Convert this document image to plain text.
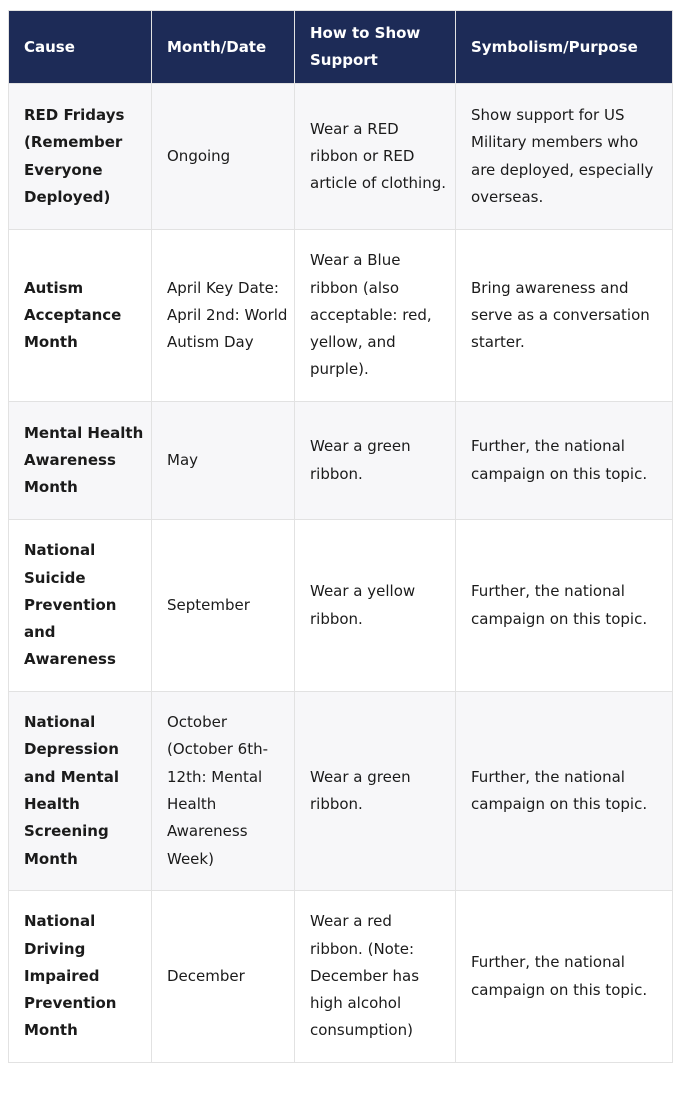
Cause	Month/Date	How to Show Support	Symbolism/Purpose
RED Fridays (Remember Everyone Deployed)	Ongoing	Wear a RED ribbon or RED article of clothing.	Show support for US Military members who are deployed, especially overseas.
Autism Acceptance Month	April Key Date: April 2nd: World Autism Day	Wear a Blue ribbon (also acceptable: red, yellow, and purple).	Bring awareness and serve as a conversation starter.
Mental Health Awareness Month	May	Wear a green ribbon.	Further, the national campaign on this topic.
National Suicide Prevention and Awareness	September	Wear a yellow ribbon.	Further, the national campaign on this topic.
National Depression and Mental Health Screening Month	October (October 6th-12th: Mental Health Awareness Week)	Wear a green ribbon.	Further, the national campaign on this topic.
National Driving Impaired Prevention Month	December	Wear a red ribbon. (Note: December has high alcohol consumption)	Further, the national campaign on this topic.
